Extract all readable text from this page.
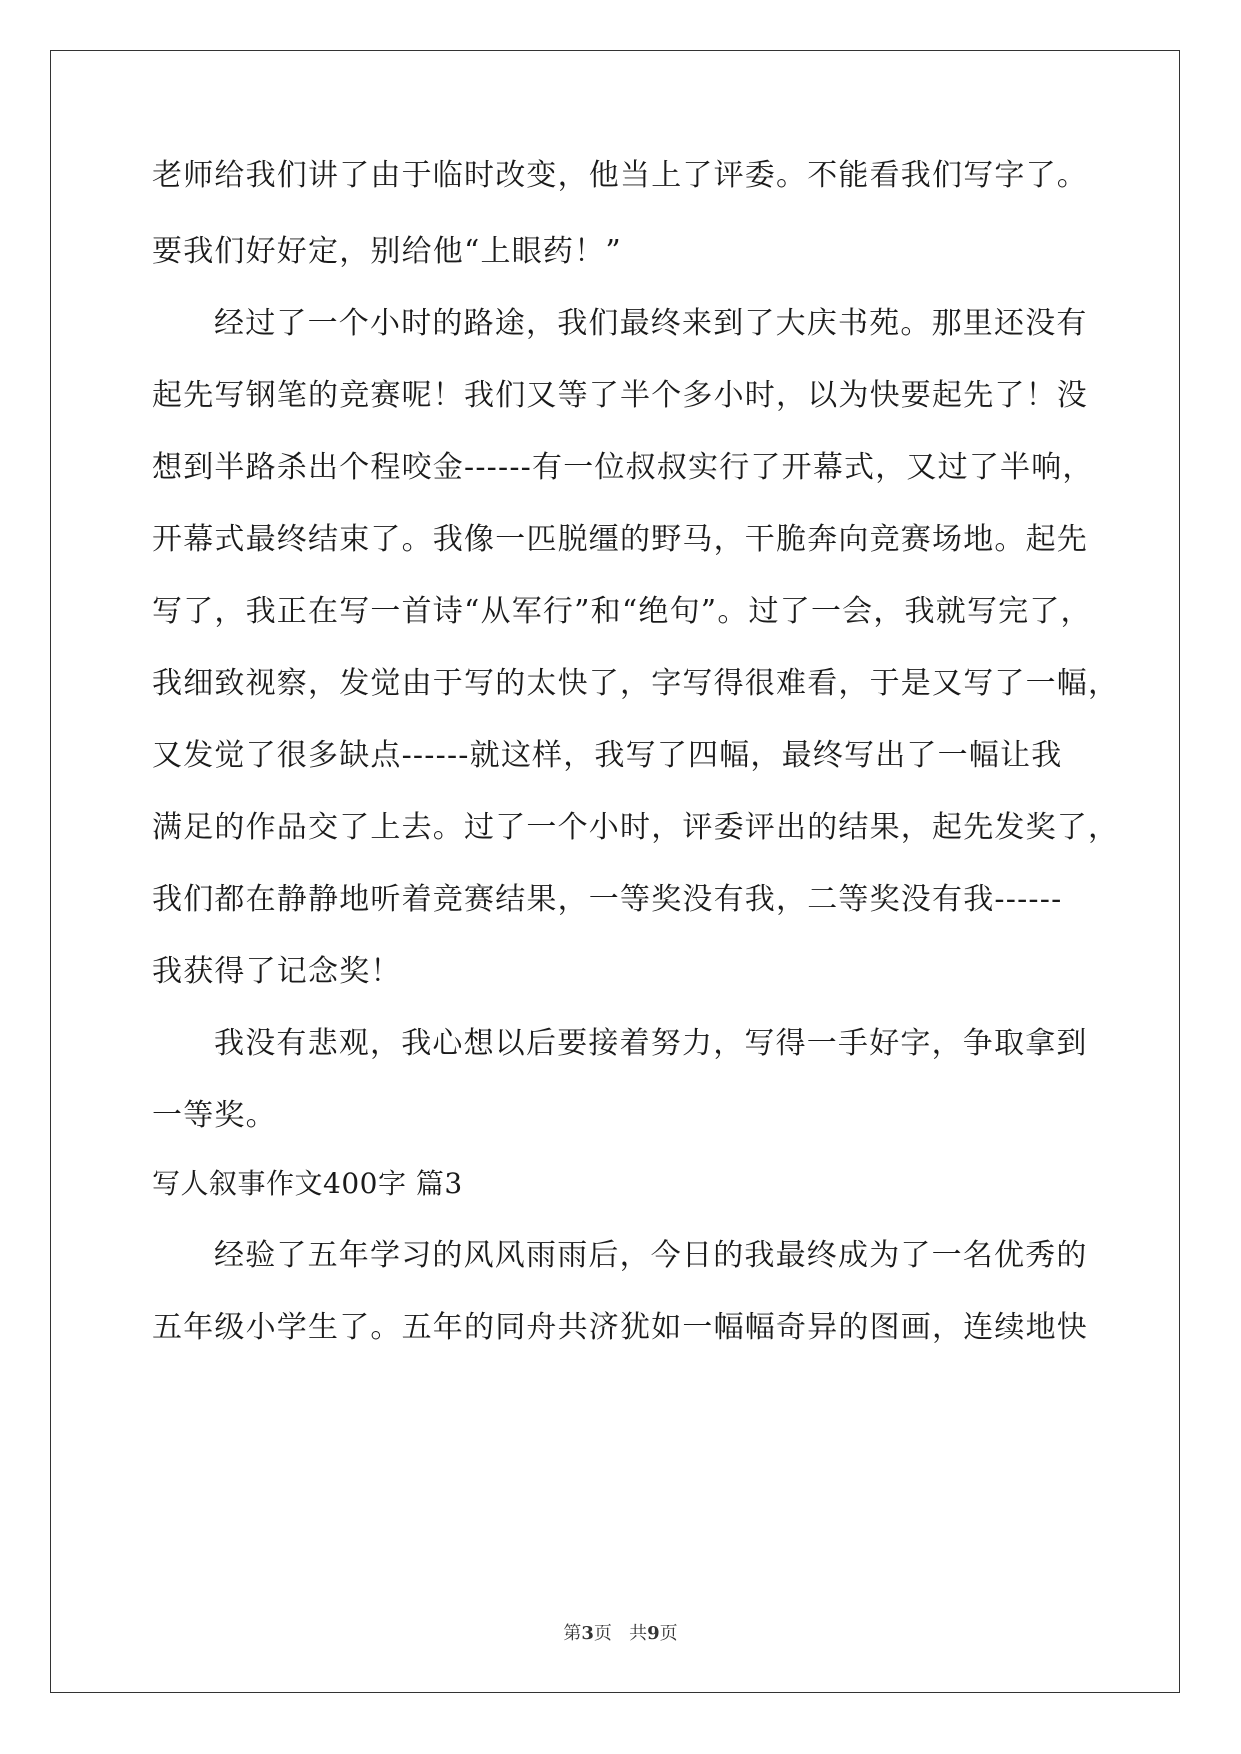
老师给我们讲了由于临时改变，他当上了评委。不能看我们写字了。
要我们好好定，别给他“上眼药！”
经过了一个小时的路途，我们最终来到了大庆书苑。那里还没有
起先写钢笔的竞赛呢！我们又等了半个多小时，以为快要起先了！没
想到半路杀出个程咬金------有一位叔叔实行了开幕式，又过了半响，
开幕式最终结束了。我像一匹脱缰的野马，干脆奔向竞赛场地。起先
写了，我正在写一首诗“从军行”和“绝句”。过了一会，我就写完了，
我细致视察，发觉由于写的太快了，字写得很难看，于是又写了一幅，
又发觉了很多缺点------就这样，我写了四幅，最终写出了一幅让我
满足的作品交了上去。过了一个小时，评委评出的结果，起先发奖了，
我们都在静静地听着竞赛结果，一等奖没有我，二等奖没有我------
我获得了记念奖！
我没有悲观，我心想以后要接着努力，写得一手好字，争取拿到
一等奖。
写人叙事作文400字 篇3
经验了五年学习的风风雨雨后，今日的我最终成为了一名优秀的
五年级小学生了。五年的同舟共济犹如一幅幅奇异的图画，连续地快
第3页 共9页
